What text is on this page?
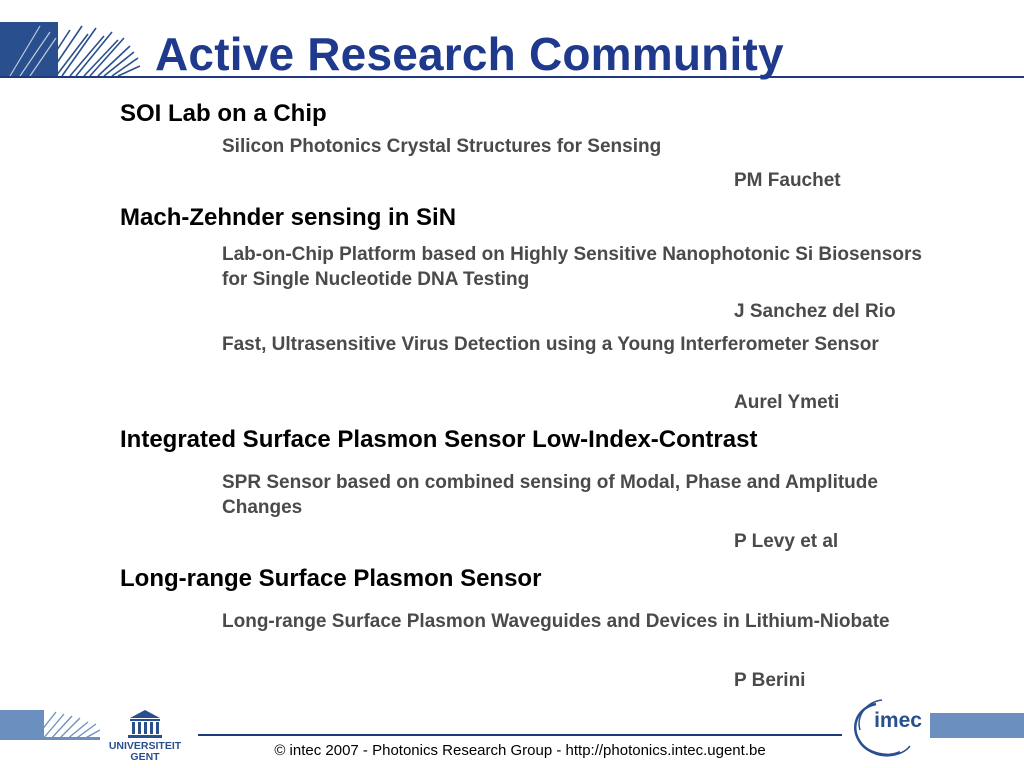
Active Research Community
SOI Lab on a Chip
Silicon Photonics Crystal Structures for Sensing
PM Fauchet
Mach-Zehnder sensing in SiN
Lab-on-Chip Platform based on Highly Sensitive Nanophotonic Si Biosensors for Single Nucleotide DNA Testing
J Sanchez del Rio
Fast, Ultrasensitive Virus Detection using a Young Interferometer Sensor
Aurel Ymeti
Integrated Surface Plasmon Sensor Low-Index-Contrast
SPR Sensor based on combined sensing of Modal, Phase and Amplitude Changes
P Levy et al
Long-range Surface Plasmon Sensor
Long-range Surface Plasmon Waveguides and Devices in Lithium-Niobate
P Berini
UNIVERSITEIT
GENT	© intec 2007 - Photonics Research Group - http://photonics.intec.ugent.be
imec
